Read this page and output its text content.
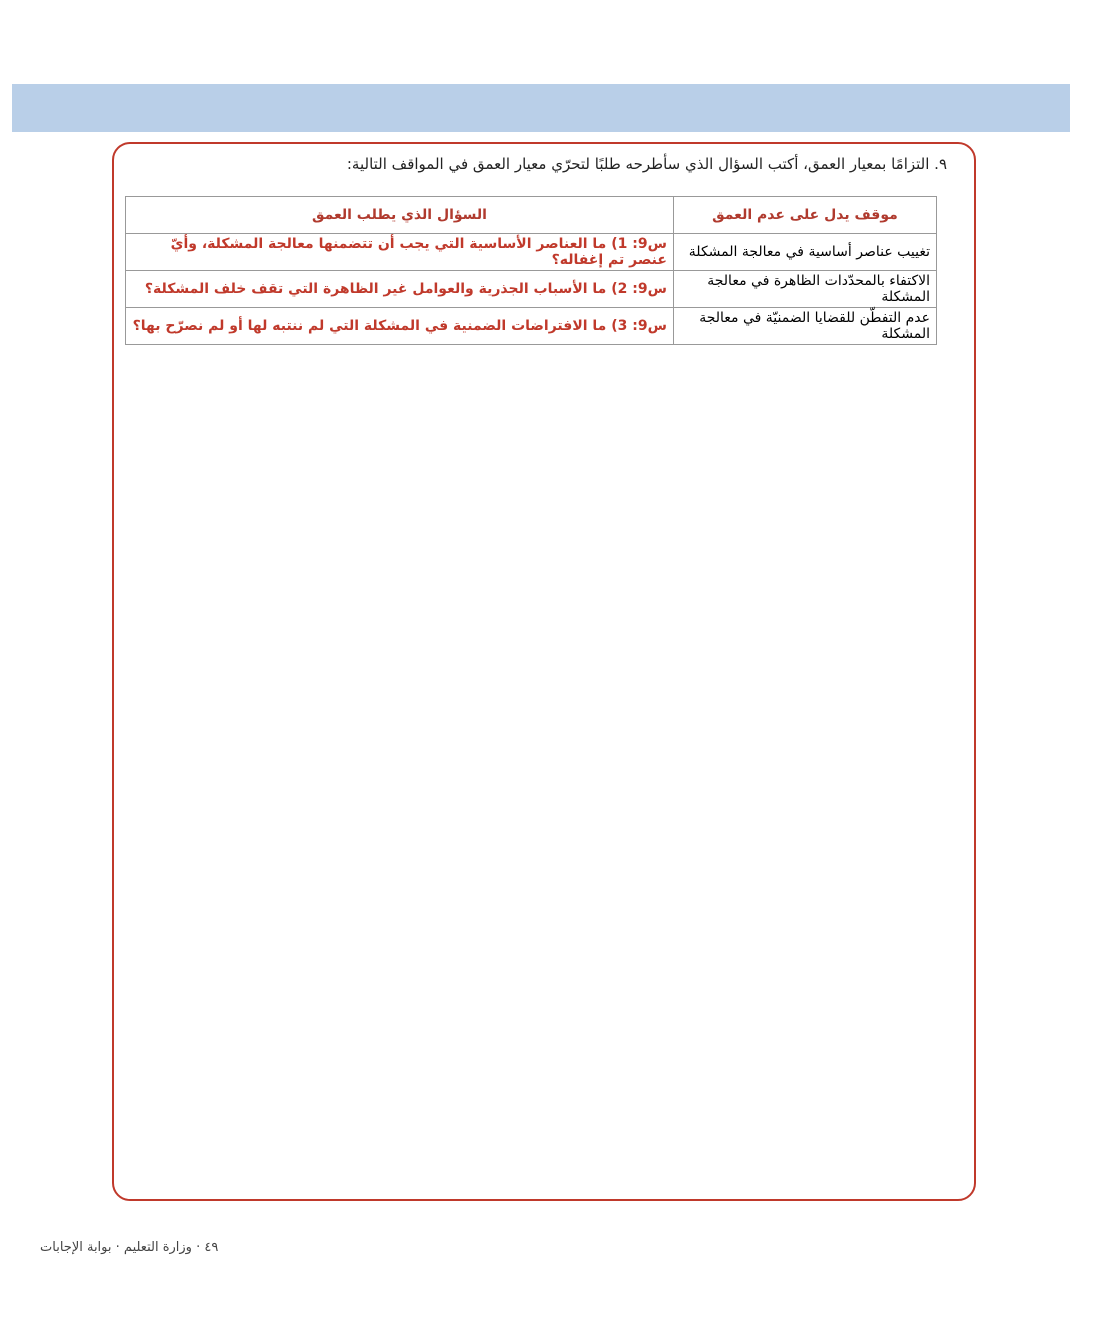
٩. التزامًا بمعيار العمق، أكتب السؤال الذي سأطرحه طلبًا لتحرّي معيار العمق في المواقف التالية:
موقف يدل على عدم العمق	السؤال الذي يطلب العمق
تغييب عناصر أساسية في معالجة المشكلة	س9: 1) ما العناصر الأساسية التي يجب أن تتضمنها معالجة المشكلة، وأيّ عنصر تم إغفاله؟
الاكتفاء بالمحدّدات الظاهرة في معالجة المشكلة	س9: 2) ما الأسباب الجذرية والعوامل غير الظاهرة التي تقف خلف المشكلة؟
عدم التفطّن للقضايا الضمنيّة في معالجة المشكلة	س9: 3) ما الافتراضات الضمنية في المشكلة التي لم ننتبه لها أو لم نصرّح بها؟
٤٩ · وزارة التعليم · بوابة الإجابات
